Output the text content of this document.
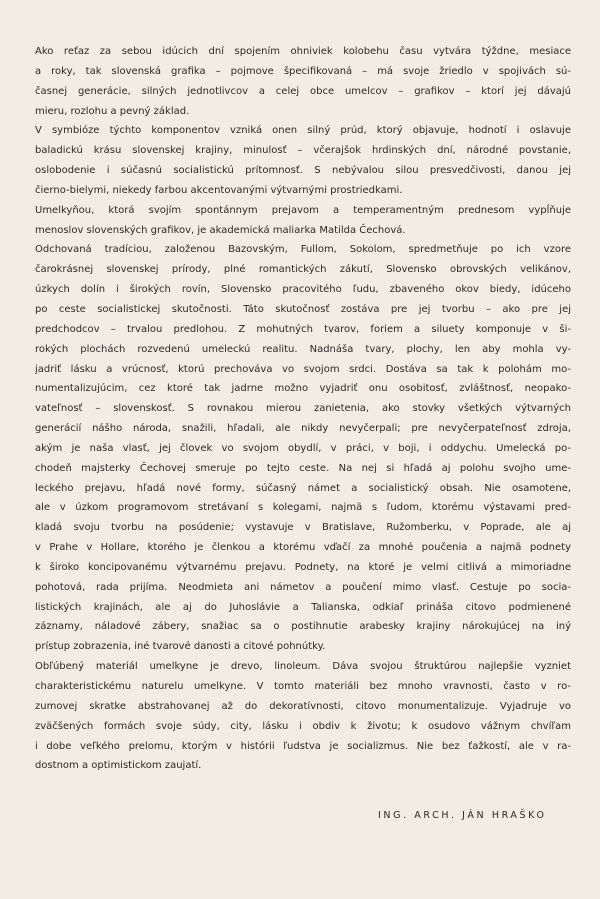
Ako reťaz za sebou idúcich dní spojením ohniviek kolobehu času vytvára týždne, mesiace
a roky, tak slovenská grafika – pojmove špecifikovaná – má svoje žriedlo v spojivách sú-
časnej generácie, silných jednotlivcov a celej obce umelcov – grafikov – ktorí jej dávajú
mieru, rozlohu a pevný základ.
V symbióze týchto komponentov vzniká onen silný prúd, ktorý objavuje, hodnotí i oslavuje
baladickú krásu slovenskej krajiny, minulosť – včerajšok hrdinských dní, národné povstanie,
oslobodenie i súčasnú socialistickú prítomnosť. S nebývalou silou presvedčivosti, danou jej
čierno-bielymi, niekedy farbou akcentovanými výtvarnými prostriedkami.
Umelkyňou, ktorá svojím spontánnym prejavom a temperamentným prednesom vypĺňuje
menoslov slovenských grafikov, je akademická maliarka Matilda Čechová.
Odchovaná tradíciou, založenou Bazovským, Fullom, Sokolom, spredmetňuje po ich vzore
čarokrásnej slovenskej prírody, plné romantických zákutí, Slovensko obrovských velikánov,
úzkych dolín i širokých rovín, Slovensko pracovitého ľudu, zbaveného okov biedy, idúceho
po ceste socialistickej skutočnosti. Táto skutočnosť zostáva pre jej tvorbu – ako pre jej
predchodcov – trvalou predlohou. Z mohutných tvarov, foriem a siluety komponuje v ši-
rokých plochách rozvedenú umeleckú realitu. Nadnáša tvary, plochy, len aby mohla vy-
jadriť lásku a vrúcnosť, ktorú prechováva vo svojom srdci. Dostáva sa tak k polohám mo-
numentalizujúcim, cez ktoré tak jadrne možno vyjadriť onu osobitosť, zvláštnosť, neopako-
vateľnosť – slovenskosť. S rovnakou mierou zanietenia, ako stovky všetkých výtvarných
generácií nášho národa, snažili, hľadali, ale nikdy nevyčerpali; pre nevyčerpateľnosť zdroja,
akým je naša vlasť, jej človek vo svojom obydlí, v práci, v boji, i oddychu. Umelecká po-
chodeň majsterky Čechovej smeruje po tejto ceste. Na nej si hľadá aj polohu svojho ume-
leckého prejavu, hľadá nové formy, súčasný námet a socialistický obsah. Nie osamotene,
ale v úzkom programovom stretávaní s kolegami, najmä s ľudom, ktorému výstavami pred-
kladá svoju tvorbu na posúdenie; vystavuje v Bratislave, Ružomberku, v Poprade, ale aj
v Prahe v Hollare, ktorého je členkou a ktorému vďačí za mnohé poučenia a najmä podnety
k široko koncipovanému výtvarnému prejavu. Podnety, na ktoré je velmi citlivá a mimoriadne
pohotová, rada prijíma. Neodmieta ani námetov a poučení mimo vlasť. Cestuje po socia-
listických krajinách, ale aj do Juhoslávie a Talianska, odkiaľ prináša citovo podmienené
záznamy, náladové zábery, snažiac sa o postihnutie arabesky krajiny nárokujúcej na iný
prístup zobrazenia, iné tvarové danosti a citové pohnútky.
Obľúbený materiál umelkyne je drevo, linoleum. Dáva svojou štruktúrou najlepšie vyzniet
charakteristickému naturelu umelkyne. V tomto materiáli bez mnoho vravnosti, často v ro-
zumovej skratke abstrahovanej až do dekoratívnosti, citovo monumentalizuje. Vyjadruje vo
zväčšených formách svoje súdy, city, lásku i obdiv k životu; k osudovo vážnym chvíľam
i dobe veľkého prelomu, ktorým v histórii ľudstva je socializmus. Nie bez ťažkostí, ale v ra-
dostnom a optimistickom zaujatí.
ING. ARCH. JÁN HRAŠKO
